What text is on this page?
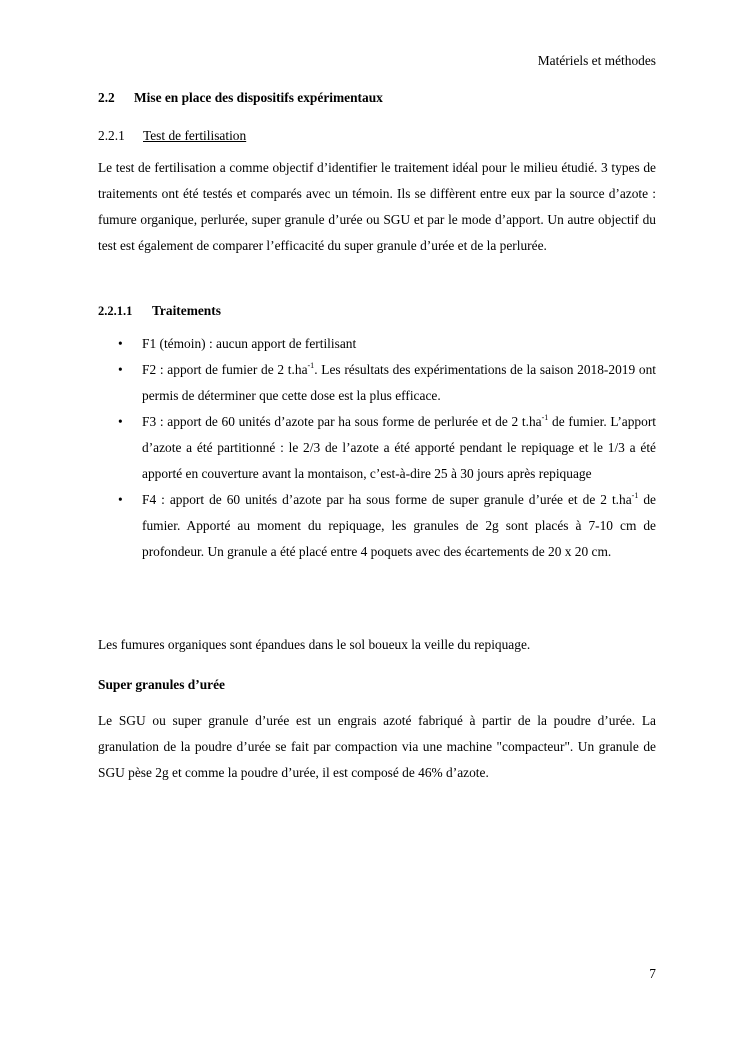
Matériels et méthodes
2.2 Mise en place des dispositifs expérimentaux
2.2.1 Test de fertilisation

Le test de fertilisation a comme objectif d’identifier le traitement idéal pour le milieu étudié. 3 types de traitements ont été testés et comparés avec un témoin. Ils se diffèrent entre eux par la source d’azote : fumure organique, perlurée, super granule d’urée ou SGU et par le mode d’apport. Un autre objectif du test est également de comparer l’efficacité du super granule d’urée et de la perlurée.

2.2.1.1 Traitements
• F1 (témoin) : aucun apport de fertilisant
• F2 : apport de fumier de 2 $t.ha^{-1}$. Les résultats des expérimentations de la saison 2018-2019 ont permis de déterminer que cette dose est la plus efficace.
• F3 : apport de 60 unités d’azote par ha sous forme de perlurée et de 2 $t.ha^{-1}$ de fumier. L’apport d’azote a été partitionné : le 2/3 de l’azote a été apporté pendant le repiquage et le 1/3 a été apporté en couverture avant la montaison, c’est-à-dire 25 à 30 jours après repiquage
• F4 : apport de 60 unités d’azote par ha sous forme de super granule d’urée et de 2 $t.ha^{-1}$ de fumier. Apporté au moment du repiquage, les granules de 2g sont placés à 7-10 cm de profondeur. Un granule a été placé entre 4 poquets avec des écartements de 20 x 20 cm.

Les fumures organiques sont épandues dans le sol boueux la veille du repiquage.

Super granules d’urée

Le SGU ou super granule d’urée est un engrais azoté fabriqué à partir de la poudre d’urée. La granulation de la poudre d’urée se fait par compaction via une machine "compacteur". Un granule de SGU pèse 2g et comme la poudre d’urée, il est composé de 46% d’azote.

7
